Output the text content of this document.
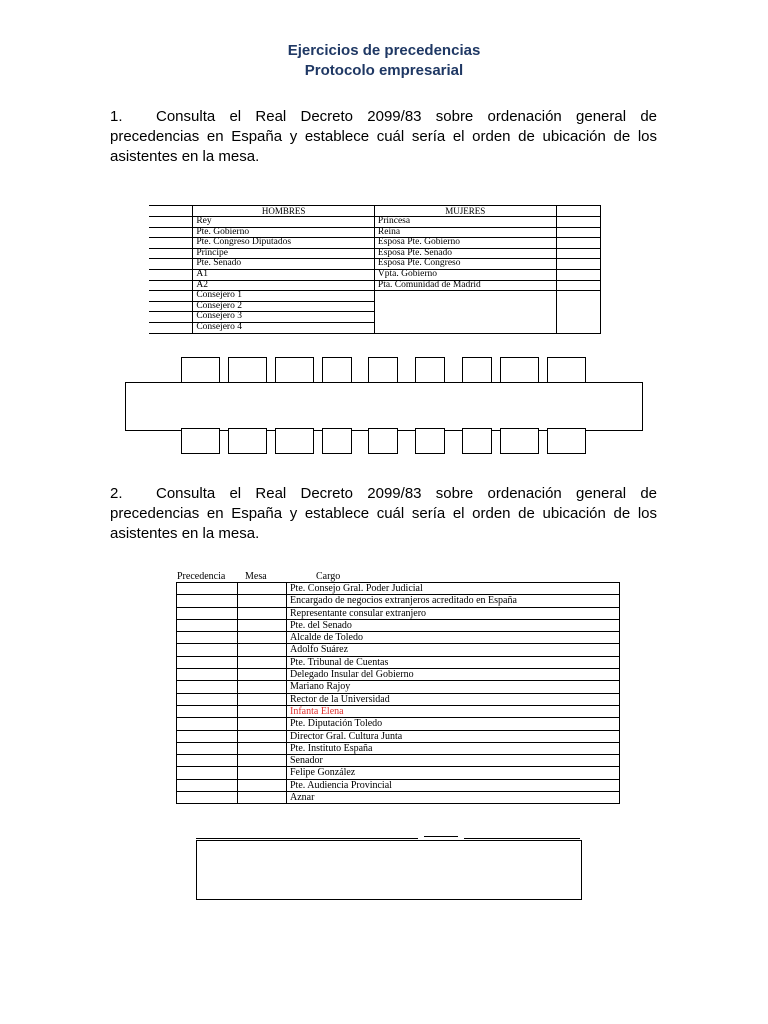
Ejercicios de precedencias
Protocolo empresarial
1. Consulta el Real Decreto 2099/83 sobre ordenación general de precedencias en España y establece cuál sería el orden de ubicación de los asistentes en la mesa.
	HOMBRES	MUJERES	
	Rey	Princesa	
	Pte. Gobierno	Reina	
	Pte. Congreso Diputados	Esposa Pte. Gobierno	
	Príncipe	Esposa Pte. Senado	
	Pte. Senado	Esposa Pte. Congreso	
	A1	Vpta. Gobierno	
	A2	Pta. Comunidad de Madrid	
	Consejero 1		
	Consejero 2		
	Consejero 3		
	Consejero 4		
2. Consulta el Real Decreto 2099/83 sobre ordenación general de precedencias en España y establece cuál sería el orden de ubicación de los asistentes en la mesa.
Precedencia Mesa	Cargo
		Pte. Consejo Gral. Poder Judicial
		Encargado de negocios extranjeros acreditado en España
		Representante consular extranjero
		Pte. del Senado
		Alcalde de Toledo
		Adolfo Suárez
		Pte. Tribunal de Cuentas
		Delegado Insular del Gobierno
		Mariano Rajoy
		Rector de la Universidad
		Infanta Elena
		Pte. Diputación Toledo
		Director Gral. Cultura Junta
		Pte. Instituto España
		Senador
		Felipe González
		Pte. Audiencia Provincial
		Aznar
